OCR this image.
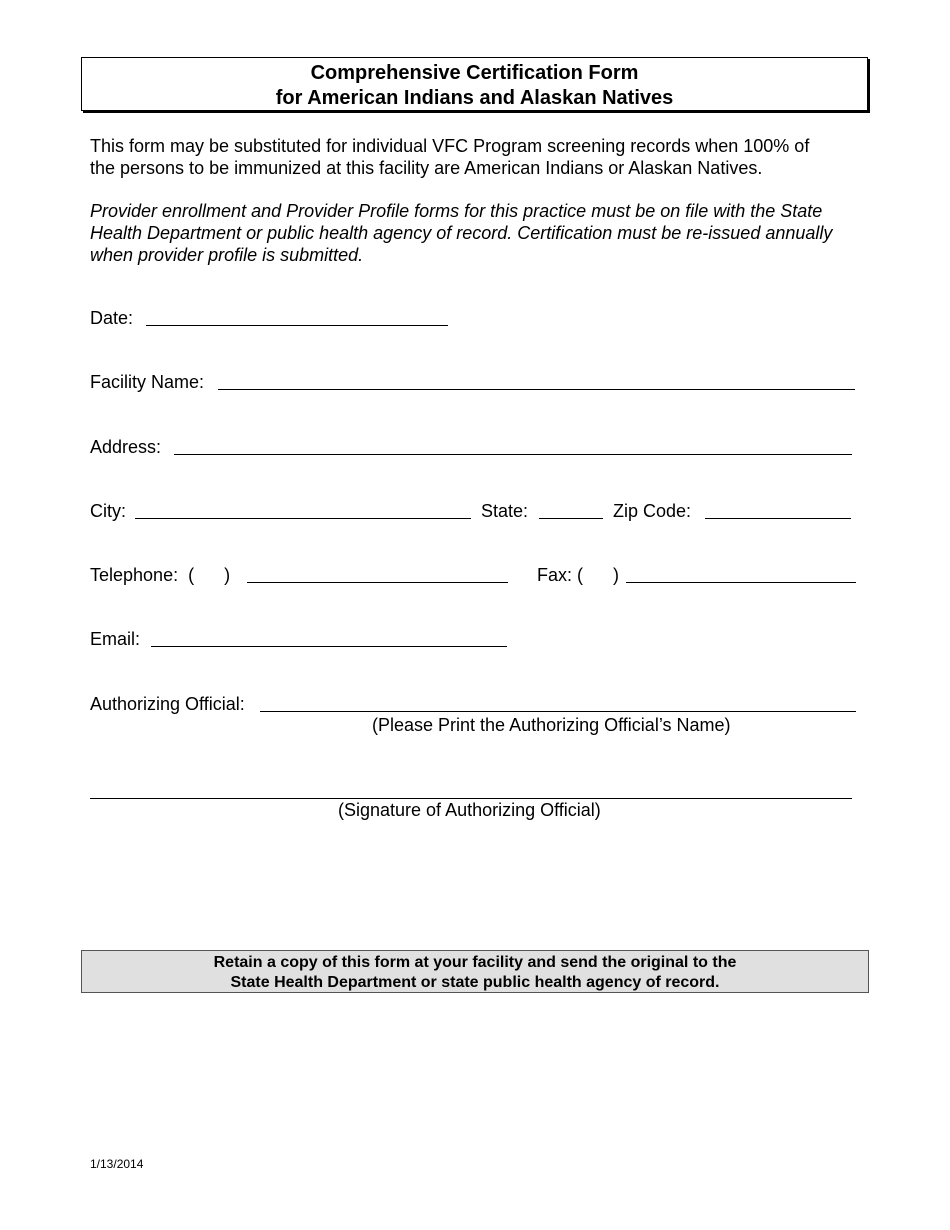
Comprehensive Certification Form
for American Indians and Alaskan Natives
This form may be substituted for individual VFC Program screening records when 100% of
the persons to be immunized at this facility are American Indians or Alaskan Natives.
Provider enrollment and Provider Profile forms for this practice must be on file with the State
Health Department or public health agency of record. Certification must be re-issued annually
when provider profile is submitted.
Date:
Facility Name:
Address:
City:	State:	Zip Code:
Telephone:  (      )	Fax: (      )
Email:
Authorizing Official:
(Please Print the Authorizing Official’s Name)
(Signature of Authorizing Official)
Retain a copy of this form at your facility and send the original to the
State Health Department or state public health agency of record.
1/13/2014
